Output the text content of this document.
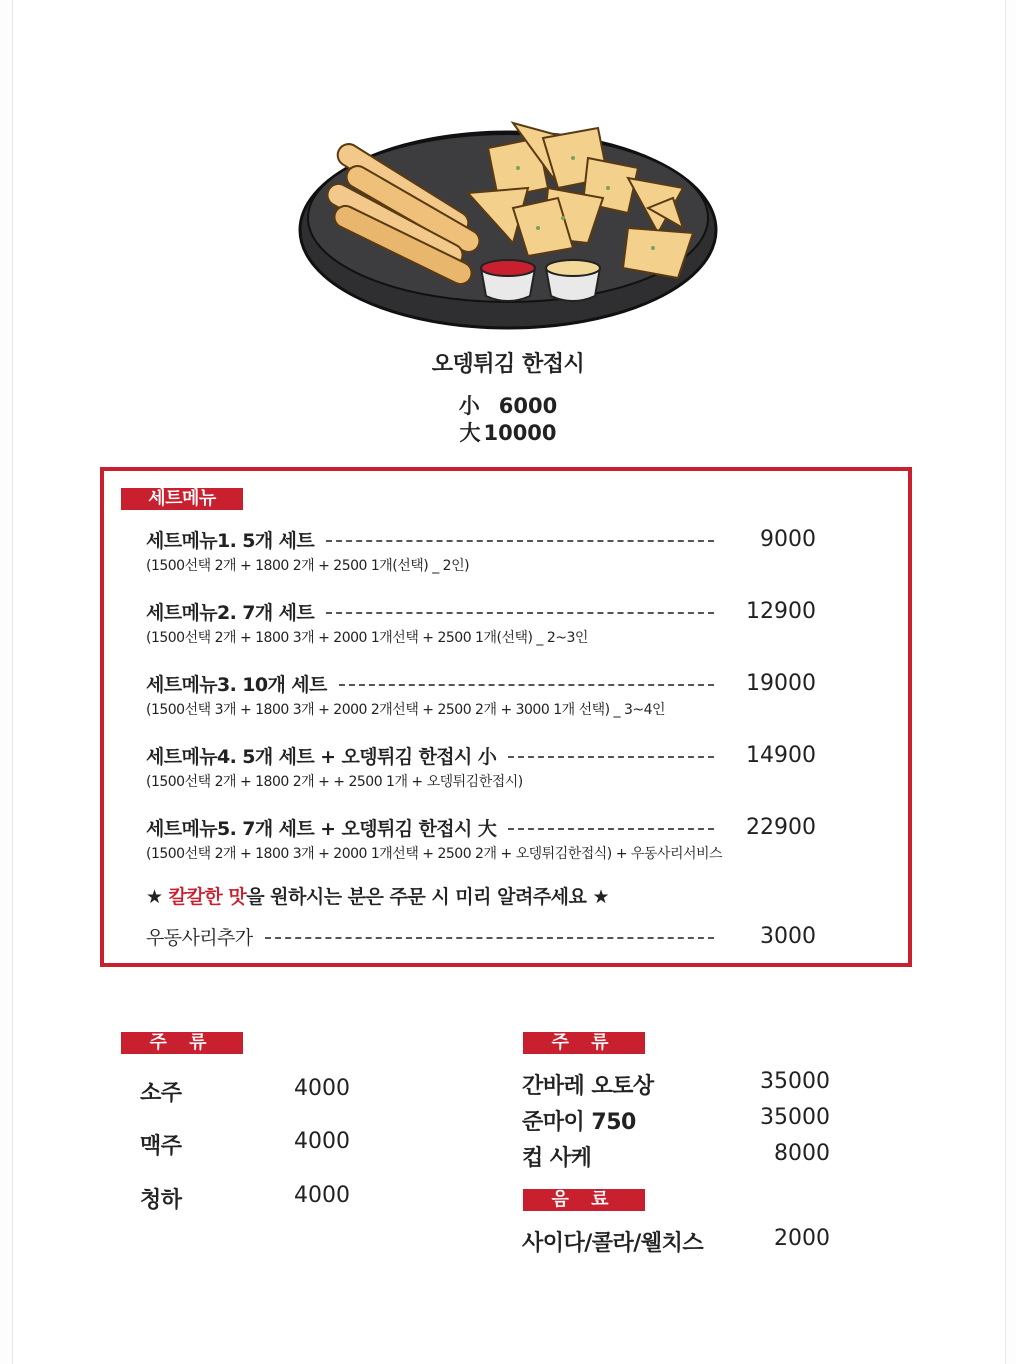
오뎅튀김 한접시
小 6000
大 10000
세트메뉴
세트메뉴1. 5개 세트	9000
(1500선택 2개 + 1800 2개 + 2500 1개(선택) _ 2인)
세트메뉴2. 7개 세트	12900
(1500선택 2개 + 1800 3개 + 2000 1개선택 + 2500 1개(선택) _ 2~3인
세트메뉴3. 10개 세트	19000
(1500선택 3개 + 1800 3개 + 2000 2개선택 + 2500 2개 + 3000 1개 선택) _ 3~4인
세트메뉴4. 5개 세트 + 오뎅튀김 한접시 小	14900
(1500선택 2개 + 1800 2개 + + 2500 1개 + 오뎅튀김한접시)
세트메뉴5. 7개 세트 + 오뎅튀김 한접시 大	22900
(1500선택 2개 + 1800 3개 + 2000 1개선택 + 2500 2개 + 오뎅튀김한접식) + 우동사리서비스
★ 칼칼한 맛을 원하시는 분은 주문 시 미리 알려주세요 ★
우동사리추가	3000
주 류
소주	4000
맥주	4000
청하	4000
주 류
간바레 오토상	35000
준마이 750	35000
컵 사케	8000
음 료
사이다/콜라/웰치스	2000
